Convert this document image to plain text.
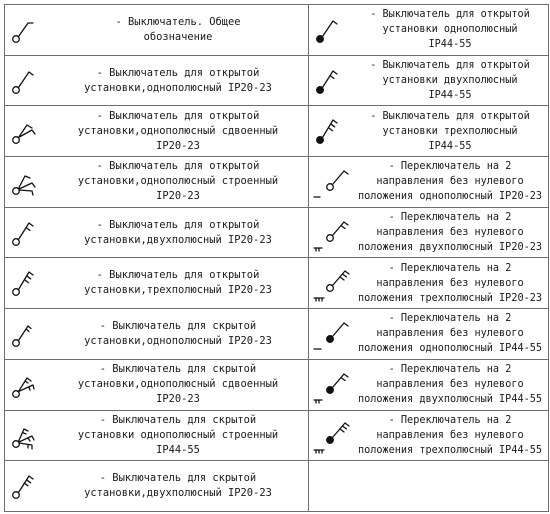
- Выключатель. Общее
обозначение	- Выключатель для открытой
установки однополюсный
IP44-55

- Выключатель для открытой
установки,однополюсный IP20-23	- Выключатель для открытой
установки двухполюсный
IP44-55

- Выключатель для открытой
установки,однополюсный сдвоенный
IP20-23	- Выключатель для открытой
установки трехполюсный
IP44-55

- Выключатель для открытой
установки,однополюсный строенный
IP20-23	- Переключатель на 2
направления без нулевого
положения однополюсный IP20-23

- Выключатель для открытой
установки,двухполюсный IP20-23	- Переключатель на 2
направления без нулевого
положения двухполюсный IP20-23

- Выключатель для открытой
установки,трехполюсный IP20-23	- Переключатель на 2
направления без нулевого
положения трехполюсный IP20-23

- Выключатель для скрытой
установки,однополюсный IP20-23	- Переключатель на 2
направления без нулевого
положения однополюсный IP44-55

- Выключатель для скрытой
установки,однополюсный сдвоенный
IP20-23	- Переключатель на 2
направления без нулевого
положения двухполюсный IP44-55

- Выключатель для скрытой
установки однополюсный строенный
IP44-55	- Переключатель на 2
направления без нулевого
положения трехполюсный IP44-55

- Выключатель для скрытой
установки,двухполюсный IP20-23	
